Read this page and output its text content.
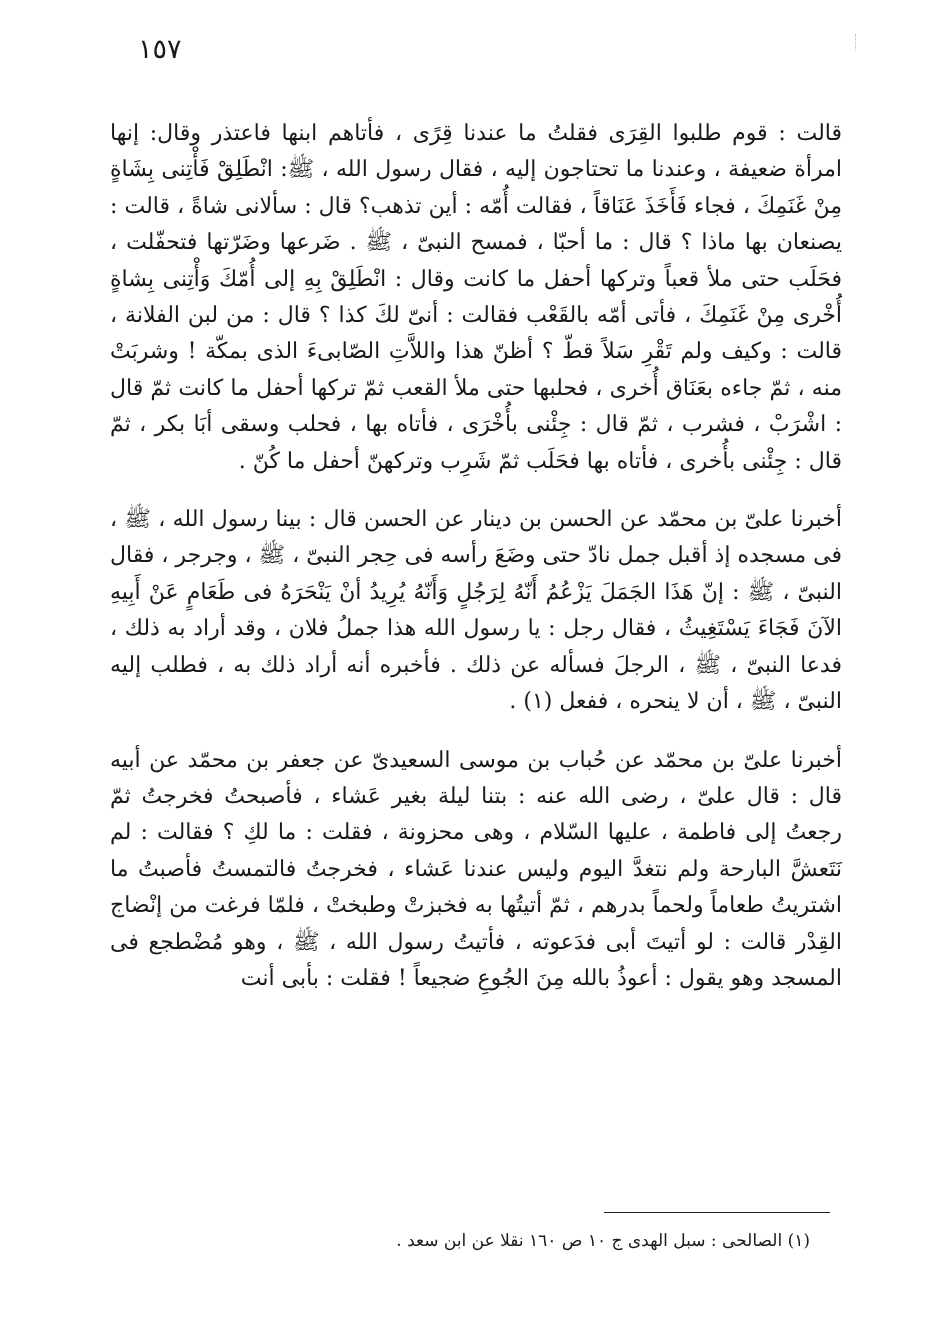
١٥٧

قالت : قوم طلبوا القِرَى فقلتُ ما عندنا قِرًى ، فأتاهم ابنها فاعتذر وقال: إنها امرأة ضعيفة ، وعندنا ما تحتاجون إليه ، فقال رسول الله ، ﷺ: انْطَلِقْ فَأْتِنى بِشَاةٍ مِنْ غَنَمِكَ ، فجاء فَأَخَذَ عَنَاقاً ، فقالت أُمّه : أين تذهب؟ قال : سألانى شاةً ، قالت : يصنعان بها ماذا ؟ قال : ما أحبّا ، فمسح النبىّ ، ﷺ . ضَرعها وضَرّتها فتحفّلت ، فحَلَب حتى ملأ قعباً وتركها أحفل ما كانت وقال : انْطَلِقْ بِهِ إلى أُمّكَ وَأْتِنى بِشاةٍ أُخْرى مِنْ غَنَمِكَ ، فأتى أمّه بالقَعْب فقالت : أنىّ لكَ كذا ؟ قال : من لبن الفلانة ، قالت : وكيف ولم تَقْرِ سَلاً قطّ ؟ أظنّ هذا واللاَّتِ الصّابىءَ الذى بمكّة ! وشربَتْ منه ، ثمّ جاءه بعَنَاق أُخرى ، فحلبها حتى ملأ القعب ثمّ تركها أحفل ما كانت ثمّ قال : اشْرَبْ ، فشرب ، ثمّ قال : جِئْنى بأُخْرَى ، فأتاه بها ، فحلب وسقى أبَا بكر ، ثمّ قال : جِئْنى بأُخرى ، فأتاه بها فحَلَب ثمّ شَرِب وتركهنّ أحفل ما كُنّ .

أخبرنا علىّ بن محمّد عن الحسن بن دينار عن الحسن قال : بينا رسول الله ، ﷺ ، فى مسجده إذ أقبل جمل نادّ حتى وضَعَ رأسه فى حِجر النبىّ ، ﷺ ، وجرجر ، فقال النبىّ ، ﷺ : إنّ هَذَا الجَمَلَ يَزْعُمُ أَنّهُ لِرَجُلٍ وَأَنّهُ يُرِيدُ أنْ يَنْحَرَهُ فى طَعَامٍ عَنْ أَبِيهِ الآنَ فَجَاءَ يَسْتَغِيثُ ، فقال رجل : يا رسول الله هذا جملُ فلان ، وقد أراد به ذلك ، فدعا النبىّ ، ﷺ ، الرجلَ فسأله عن ذلك . فأخبره أنه أراد ذلك به ، فطلب إليه النبىّ ، ﷺ ، أن لا ينحره ، ففعل (١) .

أخبرنا علىّ بن محمّد عن حُباب بن موسى السعيدىّ عن جعفر بن محمّد عن أبيه قال : قال علىّ ، رضى الله عنه : بتنا ليلة بغير عَشاء ، فأصبحتُ فخرجتُ ثمّ رجعتُ إلى فاطمة ، عليها السّلام ، وهى محزونة ، فقلت : ما لكِ ؟ فقالت : لم نَتَعشَّ البارحة ولم نتغدَّ اليوم وليس عندنا عَشاء ، فخرجتُ فالتمستُ فأصبتُ ما اشتريتُ طعاماً ولحماً بدرهم ، ثمّ أتيتُها به فخبزتْ وطبختْ ، فلمّا فرغت من إنْضاج القِدْر قالت : لو أتيتَ أبى فدَعوته ، فأتيتُ رسول الله ، ﷺ ، وهو مُضْطجع فى المسجد وهو يقول : أعوذُ بالله مِنَ الجُوعِ ضجيعاً ! فقلت : بأبى أنت

(١) الصالحى : سبل الهدى ج ١٠ ص ١٦٠ نقلا عن ابن سعد .
